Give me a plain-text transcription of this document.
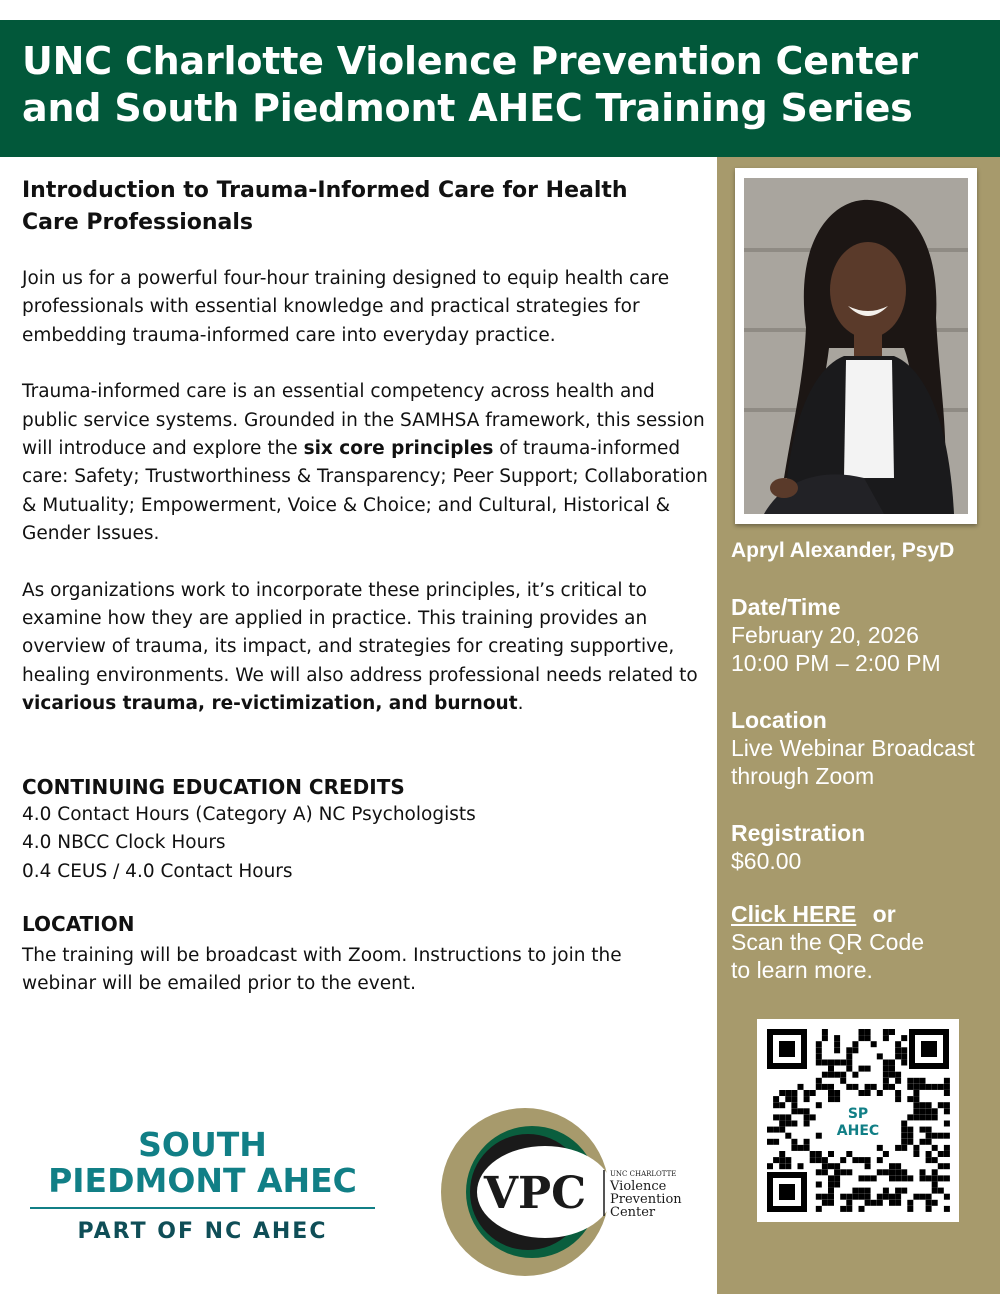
UNC Charlotte Violence Prevention Center and South Piedmont AHEC Training Series

Apryl Alexander, PsyD

Date/Time
February 20, 2026
10:00 PM – 2:00 PM
Location
Live Webinar Broadcast
through Zoom
Registration
$60.00
Click HERE or
Scan the QR Code
to learn more.
SP
AHEC
Introduction to Trauma-Informed Care for Health Care Professionals

Join us for a powerful four-hour training designed to equip health care professionals with essential knowledge and practical strategies for embedding trauma-informed care into everyday practice.

Trauma-informed care is an essential competency across health and public service systems. Grounded in the SAMHSA framework, this session will introduce and explore the six core principles of trauma-informed care: Safety; Trustworthiness & Transparency; Peer Support; Collaboration & Mutuality; Empowerment, Voice & Choice; and Cultural, Historical & Gender Issues.

As organizations work to incorporate these principles, it’s critical to examine how they are applied in practice. This training provides an overview of trauma, its impact, and strategies for creating supportive, healing environments. We will also address professional needs related to vicarious trauma, re-victimization, and burnout.

CONTINUING EDUCATION CREDITS

4.0 Contact Hours (Category A) NC Psychologists

4.0 NBCC Clock Hours

0.4 CEUS / 4.0 Contact Hours

LOCATION

The training will be broadcast with Zoom. Instructions to join the webinar will be emailed prior to the event.

SOUTH
PIEDMONT AHEC
PART OF NC AHEC
VPC	UNC CHARLOTTE
Violence
Prevention
Center
